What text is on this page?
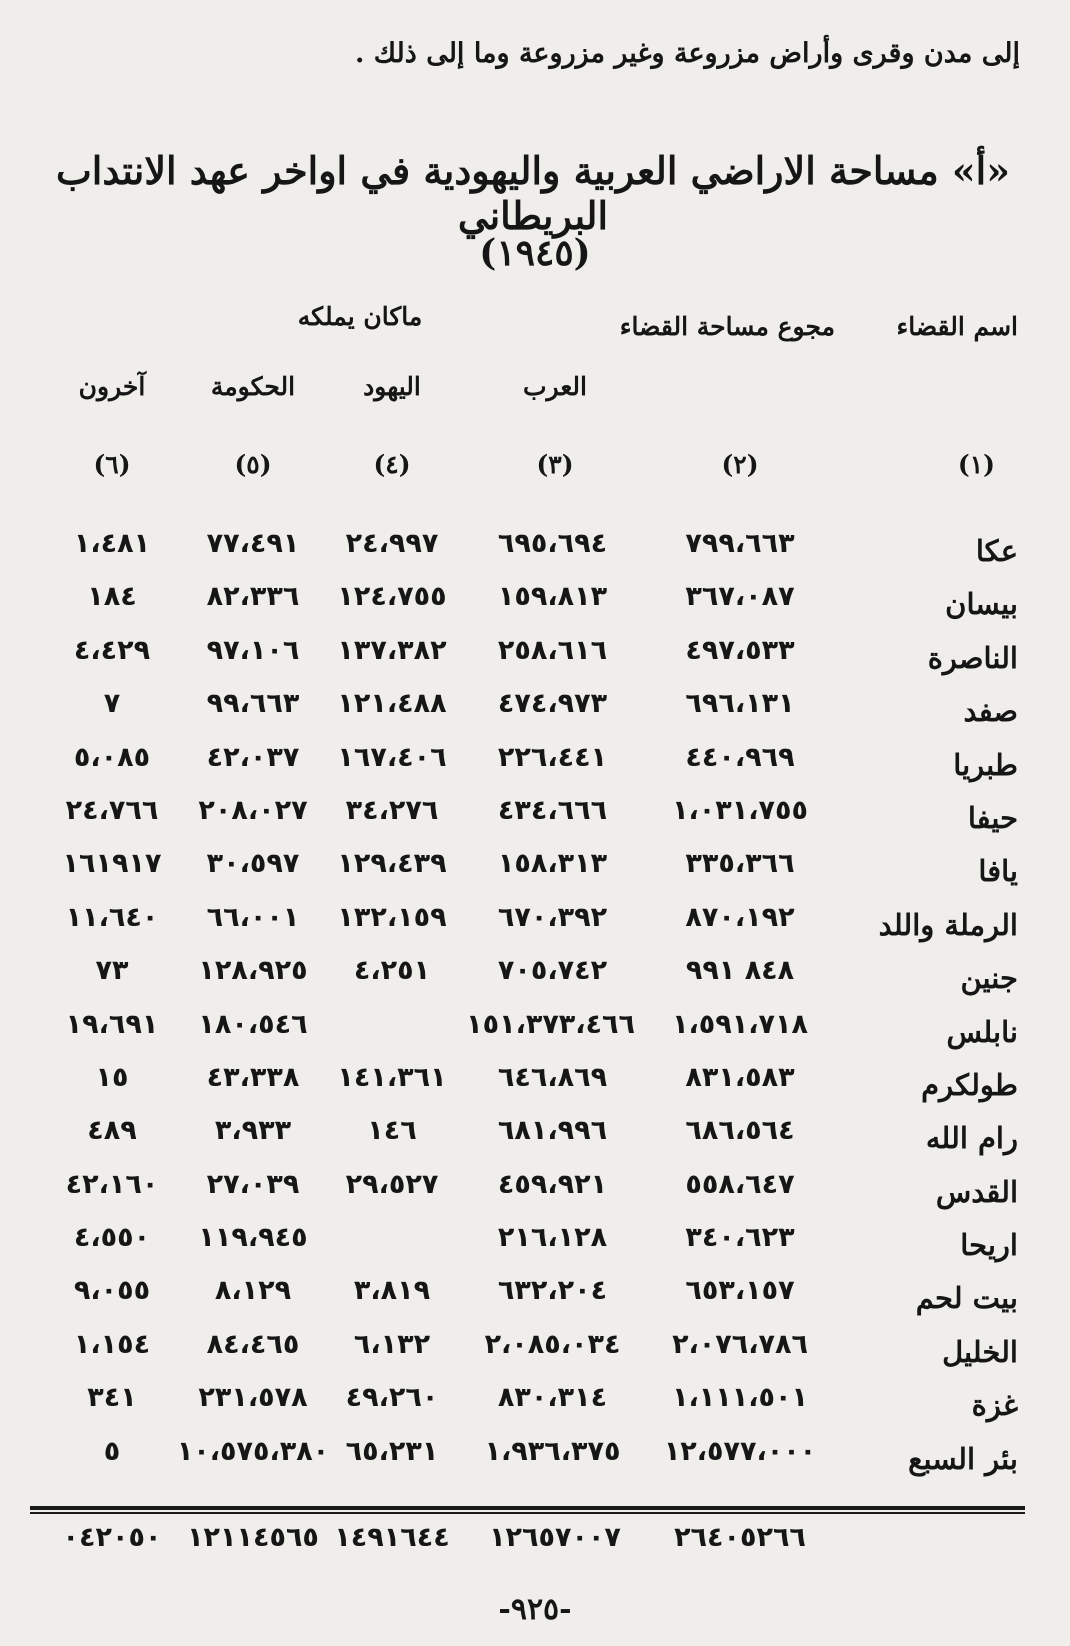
إلى مدن وقرى وأراض مزروعة وغير مزروعة وما إلى ذلك .
«أ» مساحة الاراضي العربية واليهودية في اواخر عهد الانتداب البريطاني
(١٩٤٥)
اسم القضاء
مجوع مساحة القضاء
ماكان يملكه
العرب
اليهود
الحكومة
آخرون
(١)
(٢)
(٣)
(٤)
(٥)
(٦)
عكا
٧٩٩،٦٦٣
٦٩٥،٦٩٤
٢٤،٩٩٧
٧٧،٤٩١
١،٤٨١
بيسان
٣٦٧،٠٨٧
١٥٩،٨١٣
١٢٤،٧٥٥
٨٢،٣٣٦
١٨٤
الناصرة
٤٩٧،٥٣٣
٢٥٨،٦١٦
١٣٧،٣٨٢
٩٧،١٠٦
٤،٤٢٩
صفد
٦٩٦،١٣١
٤٧٤،٩٧٣
١٢١،٤٨٨
٩٩،٦٦٣
٧
طبريا
٤٤٠،٩٦٩
٢٢٦،٤٤١
١٦٧،٤٠٦
٤٢،٠٣٧
٥،٠٨٥
حيفا
١،٠٣١،٧٥٥
٤٣٤،٦٦٦
٣٤،٢٧٦
٢٠٨،٠٢٧
٢٤،٧٦٦
يافا
٣٣٥،٣٦٦
١٥٨،٣١٣
١٢٩،٤٣٩
٣٠،٥٩٧
١٦١٩١٧
الرملة واللد
٨٧٠،١٩٢
٦٧٠،٣٩٢
١٣٢،١٥٩
٦٦،٠٠١
١١،٦٤٠
جنين
٨٤٨ ٩٩١
٧٠٥،٧٤٢
٤،٢٥١
١٢٨،٩٢٥
٧٣
نابلس
١،٥٩١،٧١٨
١٥١،٣٧٣،٤٦٦
١٨٠،٥٤٦
١٩،٦٩١
طولكرم
٨٣١،٥٨٣
٦٤٦،٨٦٩
١٤١،٣٦١
٤٣،٣٣٨
١٥
رام الله
٦٨٦،٥٦٤
٦٨١،٩٩٦
١٤٦
٣،٩٣٣
٤٨٩
القدس
٥٥٨،٦٤٧
٤٥٩،٩٢١
٢٩،٥٢٧
٢٧،٠٣٩
٤٢،١٦٠
اريحا
٣٤٠،٦٢٣
٢١٦،١٢٨
١١٩،٩٤٥
٤،٥٥٠
بيت لحم
٦٥٣،١٥٧
٦٣٢،٢٠٤
٣،٨١٩
٨،١٢٩
٩،٠٥٥
الخليل
٢،٠٧٦،٧٨٦
٢،٠٨٥،٠٣٤
٦،١٣٢
٨٤،٤٦٥
١،١٥٤
غزة
١،١١١،٥٠١
٨٣٠،٣١٤
٤٩،٢٦٠
٢٣١،٥٧٨
٣٤١
بئر السبع
١٢،٥٧٧،٠٠٠
١،٩٣٦،٣٧٥
٦٥،٢٣١
١٠،٥٧٥،٣٨٠
٥
٢٦٤٠٥٢٦٦
١٢٦٥٧٠٠٧
١٤٩١٦٤٤
١٢١١٤٥٦٥
٠٤٢٠٥٠
-٩٢٥-
